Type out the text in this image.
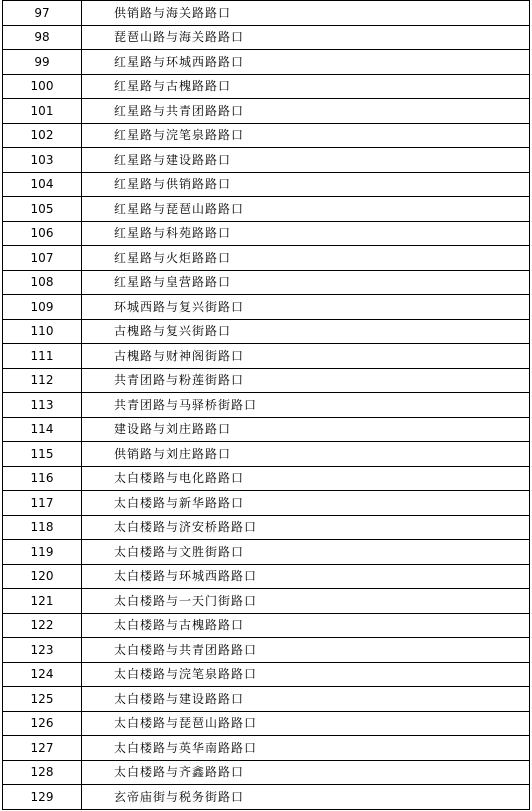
97	供销路与海关路路口
98	琵琶山路与海关路路口
99	红星路与环城西路路口
100	红星路与古槐路路口
101	红星路与共青团路路口
102	红星路与浣笔泉路路口
103	红星路与建设路路口
104	红星路与供销路路口
105	红星路与琵琶山路路口
106	红星路与科苑路路口
107	红星路与火炬路路口
108	红星路与皇营路路口
109	环城西路与复兴街路口
110	古槐路与复兴街路口
111	古槐路与财神阁街路口
112	共青团路与粉莲街路口
113	共青团路与马驿桥街路口
114	建设路与刘庄路路口
115	供销路与刘庄路路口
116	太白楼路与电化路路口
117	太白楼路与新华路路口
118	太白楼路与济安桥路路口
119	太白楼路与文胜街路口
120	太白楼路与环城西路路口
121	太白楼路与一天门街路口
122	太白楼路与古槐路路口
123	太白楼路与共青团路路口
124	太白楼路与浣笔泉路路口
125	太白楼路与建设路路口
126	太白楼路与琵琶山路路口
127	太白楼路与英华南路路口
128	太白楼路与齐鑫路路口
129	玄帝庙街与税务街路口
